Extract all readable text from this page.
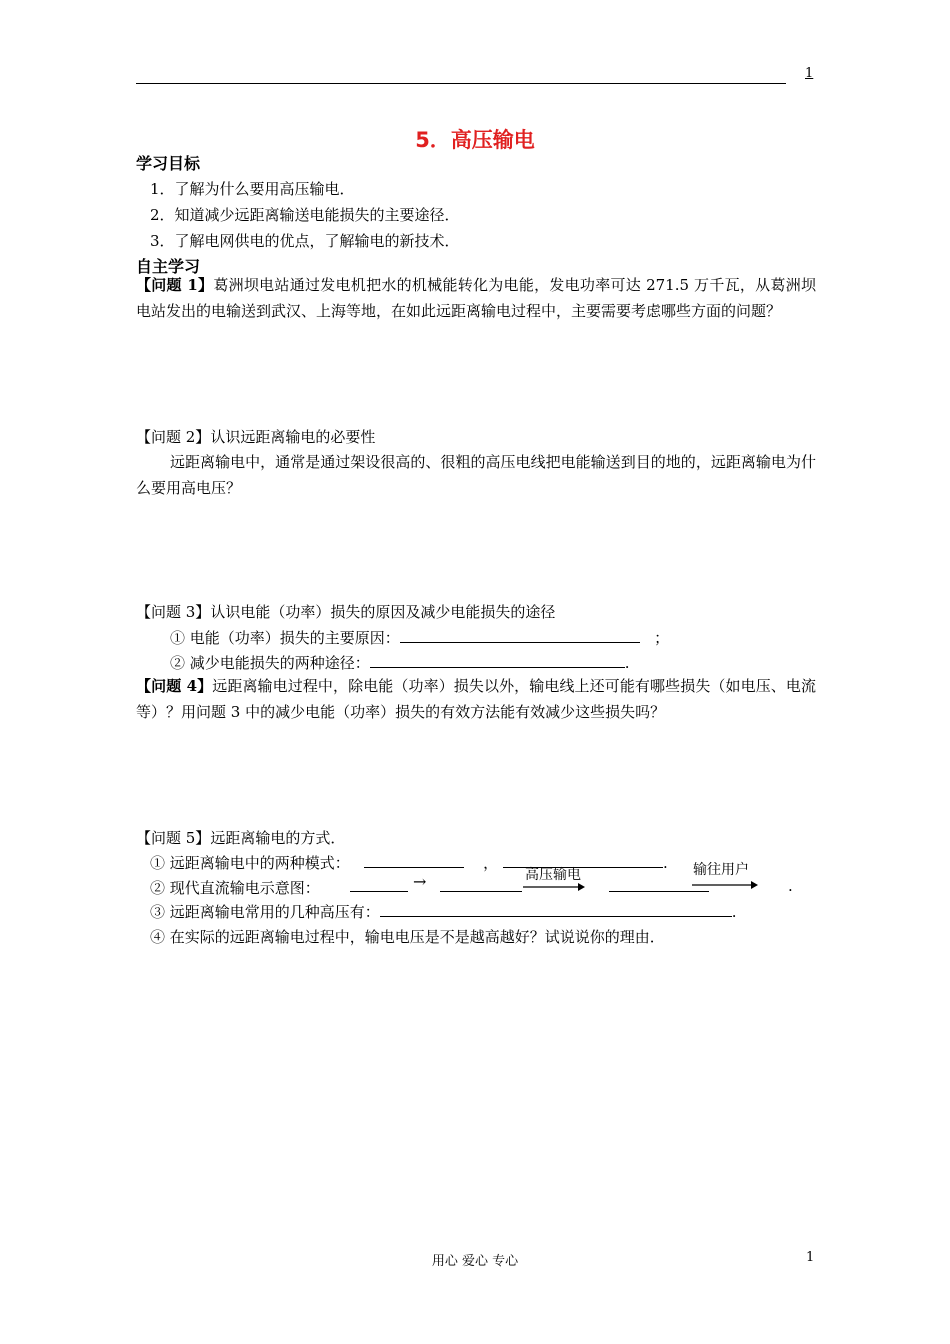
1
5．高压输电
学习目标
1．了解为什么要用高压输电．
2．知道减少远距离输送电能损失的主要途径．
3．了解电网供电的优点，了解输电的新技术．
自主学习
【问题 1】葛洲坝电站通过发电机把水的机械能转化为电能，发电功率可达 271.5 万千瓦，从葛洲坝电站发出的电输送到武汉、上海等地，在如此远距离输电过程中，主要需要考虑哪些方面的问题？
【问题 2】认识远距离输电的必要性
远距离输电中，通常是通过架设很高的、很粗的高压电线把电能输送到目的地的，远距离输电为什么要用高电压？
【问题 3】认识电能（功率）损失的原因及减少电能损失的途径
① 电能（功率）损失的主要原因：	；
② 减少电能损失的两种途径：	.
【问题 4】远距离输电过程中，除电能（功率）损失以外，输电线上还可能有哪些损失（如电压、电流等）？用问题 3 中的减少电能（功率）损失的有效方法能有效减少这些损失吗？
【问题 5】远距离输电的方式．
① 远距离输电中的两种模式：	，	.
② 现代直流输电示意图：	→	高压输电	输往用户
.
③ 远距离输电常用的几种高压有：	.
④ 在实际的远距离输电过程中，输电电压是不是越高越好？试说说你的理由．
用心 爱心 专心	1
